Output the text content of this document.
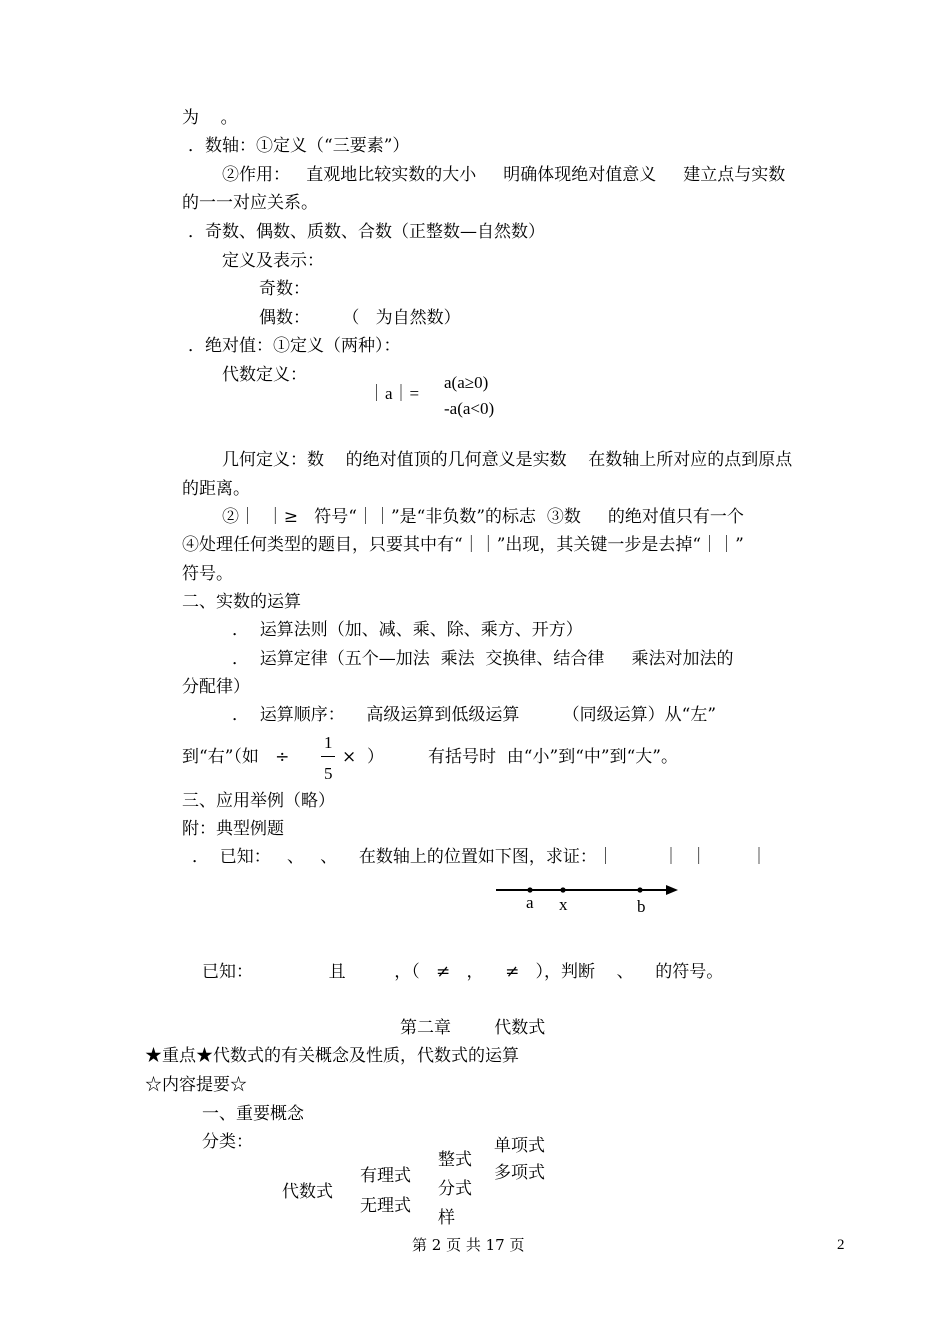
为    。
．数轴：①定义（“三要素”）
②作用：   直观地比较实数的大小     明确体现绝对值意义     建立点与实数
的一一对应关系。
．奇数、偶数、质数、合数（正整数—自然数）
定义及表示：
奇数：
偶数：      （   为自然数）
．绝对值：①定义（两种）：
代数定义：
｜a｜=
a(a≥0)
-a(a<0)
几何定义：数    的绝对值顶的几何意义是实数    在数轴上所对应的点到原点
的距离。
②｜  ｜≥   符号“｜｜”是“非负数”的标志  ③数     的绝对值只有一个
④处理任何类型的题目，只要其中有“｜｜”出现，其关键一步是去掉“｜｜”
符号。
二、实数的运算
．  运算法则（加、减、乘、除、乘方、开方）
．  运算定律（五个—加法  乘法  交换律、结合律     乘法对加法的
分配律）
．  运算顺序：    高级运算到低级运算        （同级运算）从“左”
到“右”（如   ÷
1
5
×  ）	有括号时  由“小”到“中”到“大”。
三、应用举例（略）
附：典型例题
．  已知：   、   、    在数轴上的位置如下图，求证：｜         ｜  ｜        ｜
a x	b
已知：              且         ，（   ≠   ，    ≠   ），判断    、    的符号。
第二章        代数式
★重点★代数式的有关概念及性质，代数式的运算
☆内容提要☆
一、重要概念
分类：
代数式
有理式
无理式
整式
分式
样
单项式
多项式
第 2 页 共 17 页	2
